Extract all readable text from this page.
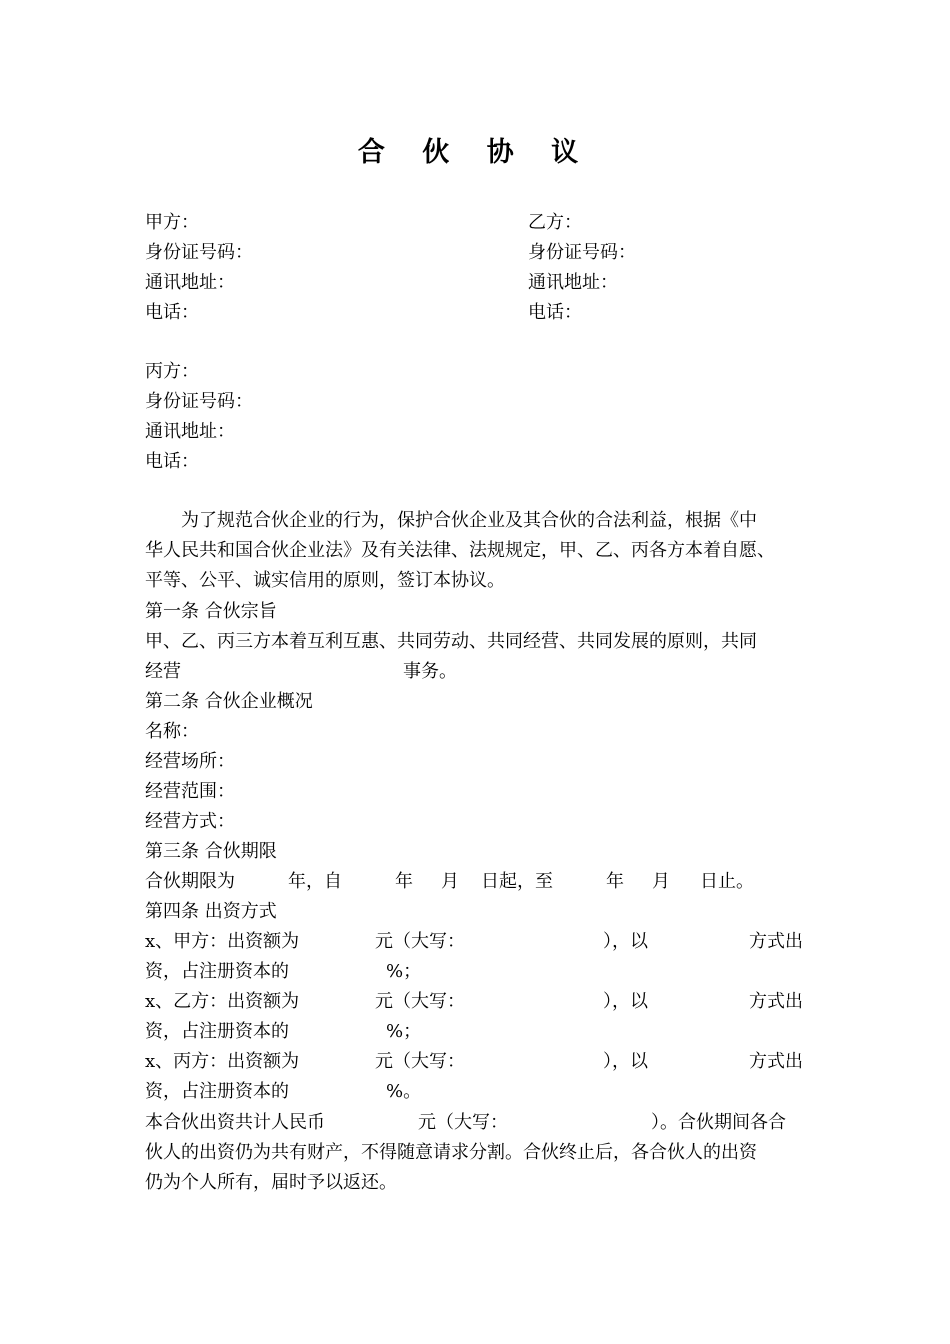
合 伙 协 议
甲方：
身份证号码：
通讯地址：
电话：
乙方：
身份证号码：
通讯地址：
电话：
丙方：
身份证号码：
通讯地址：
电话：
为了规范合伙企业的行为，保护合伙企业及其合伙的合法利益，根据《中
华人民共和国合伙企业法》及有关法律、法规规定，甲、乙、丙各方本着自愿、
平等、公平、诚实信用的原则，签订本协议。
第一条 合伙宗旨
甲、乙、丙三方本着互利互惠、共同劳动、共同经营、共同发展的原则，共同
经营	事务。
第二条 合伙企业概况
名称：
经营场所：
经营范围：
经营方式：
第三条 合伙期限
合伙期限为	年，自	年 月 日起，至	年 月 日止。
第四条 出资方式
x、甲方：出资额为	元（大写：	），以	方式出
资，占注册资本的	%；
x、乙方：出资额为	元（大写：	），以	方式出
资，占注册资本的	%；
x、丙方：出资额为	元（大写：	），以	方式出
资，占注册资本的	%。
本合伙出资共计人民币	元（大写：	）。合伙期间各合
伙人的出资仍为共有财产，不得随意请求分割。合伙终止后，各合伙人的出资
仍为个人所有，届时予以返还。
